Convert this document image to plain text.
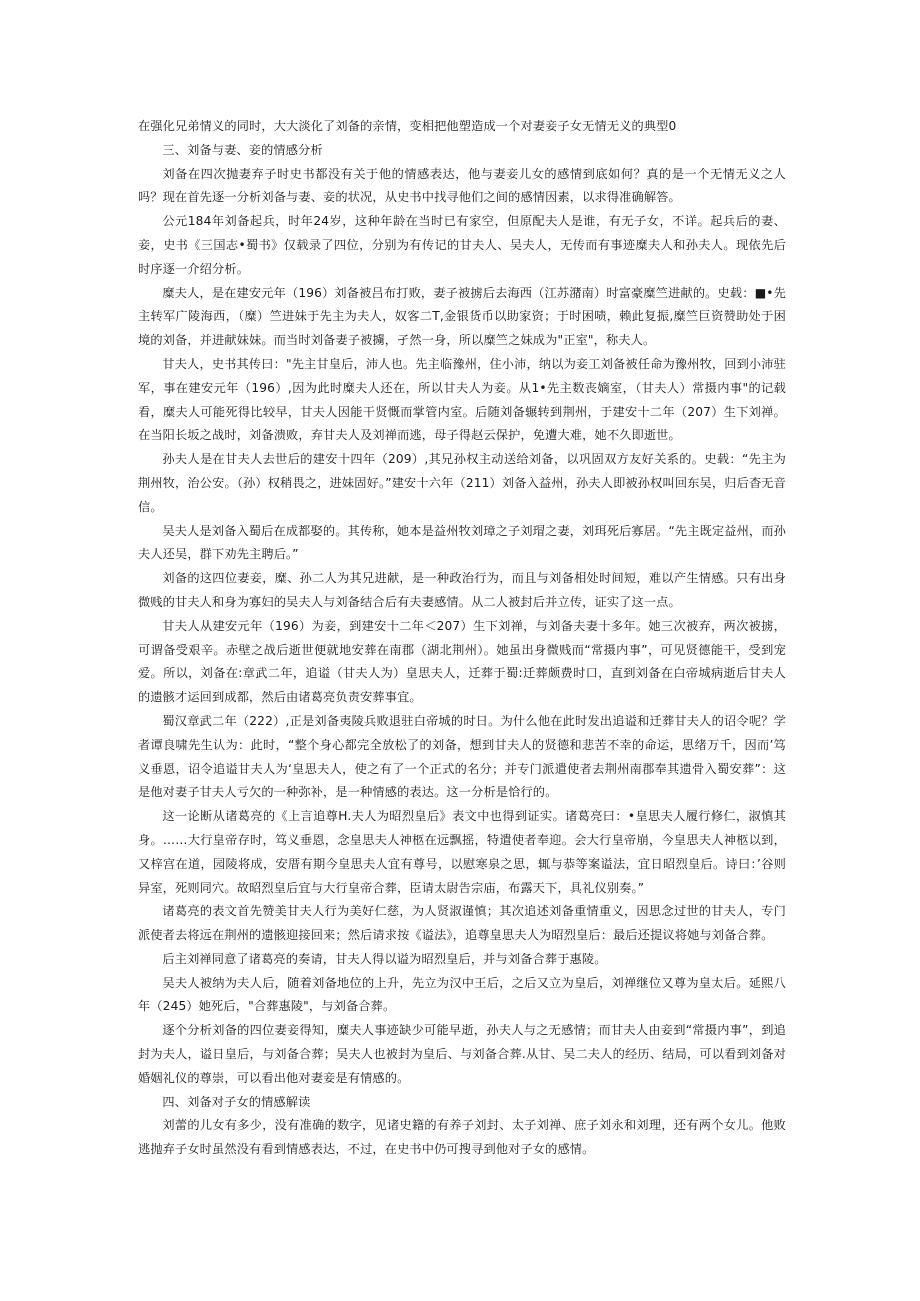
在强化兄弟情义的同时，大大淡化了刘备的亲情，变相把他塑造成一个对妻妾子女无情无义的典型0

三、刘备与妻、妾的情感分析

刘备在四次抛妻弃子时史书都没有关于他的情感表达，他与妻妾儿女的感情到底如何？真的是一个无情无义之人吗？现在首先逐一分析刘备与妻、妾的状况，从史书中找寻他们之间的感情因素，以求得准确解答。

公元184年刘备起兵，时年24岁，这种年龄在当时已有家空，但原配夫人是谁，有无子女，不详。起兵后的妻、妾，史书《三国志•蜀书》仅载录了四位，分别为有传记的甘夫人、吴夫人，无传而有事迹糜夫人和孙夫人。现依先后时序逐一介绍分析。

糜夫人，是在建安元年（196）刘备被吕布打败，妻子被掳后去海西（江苏潴南）时富豪糜竺进献的。史载：■•先主转军广陵海西，（糜）竺进妹于先主为夫人，奴客二T,金银货币以助家资；于时困啧，赖此复振,糜竺巨资赞助处于困境的刘备，并进献妹妹。而当时刘备妻子被擄，孑然一身，所以糜竺之妹成为"正室"，称夫人。

甘夫人，史书其传曰："先主甘皇后，沛人也。先主临豫州，住小沛，纳以为妾工刘备被任命为豫州牧，回到小沛驻军，事在建安元年（196）,因为此时糜夫人还在，所以甘夫人为妾。从1•先主数丧嫡室，（甘夫人）常摄内事"的记载看，糜夫人可能死得比较早，甘夫人因能干贤慨而掌管内室。后随刘备辗转到荆州，于建安十二年（207）生下刘禅。在当阳长坂之战时，刘备溃败，弃甘夫人及刘禅而逃，母子得赵云保护，免遭大难，她不久即逝世。

孙夫人是在甘夫人去世后的建安十四年（209）,其兄孙权主动送给刘备，以巩固双方友好关系的。史载：“先主为荆州牧，治公安。（孙）权稍畏之，进妹固好。”建安十六年（211）刘备入益州，孙夫人即被孙权叫回东吴，归后杳无音信。

吴夫人是刘备入蜀后在成都娶的。其传称，她本是益州牧刘璋之子刘瑁之妻，刘珥死后寡居。“先主既定益州，而孙夫人还吴，群下劝先主聘后。”

刘备的这四位妻妾，糜、孙二人为其兄进献，是一种政治行为，而且与刘备相处时间短，难以产生情感。只有出身微贱的甘夫人和身为寡妇的吴夫人与刘备结合后有夫妻感情。从二人被封后并立传，证实了这一点。

甘夫人从建安元年（196）为妾，到建安十二年＜207）生下刘禅，与刘备夫妻十多年。她三次被弃，两次被掳，可谓备受艰辛。赤壁之战后逝世便就地安葬在南郡（湖北荆州）。她虽出身微贱而“常摄内事”，可见贤德能干，受到宠爱。所以，刘备在:章武二年，追谥（甘夫人为）皇思夫人，迁葬于蜀:迁葬颇费时口，直到刘备在白帝城病逝后甘夫人的遗骸才运回到成都，然后由诸葛亮负责安葬事宜。

蜀汉章武二年（222）,正是刘备夷陵兵败退驻白帝城的时日。为什么他在此时发出追谥和迁葬甘夫人的诏令呢？学者谭良啸先生认为：此时，“整个身心都完全放松了的刘备，想到甘夫人的贤德和悲苦不幸的命运，思绪万千，因而’笃义垂恩，诏令追谥甘夫人为‘皇思夫人，使之有了一个正式的名分；并专门派遣使者去荆州南郡奉其遗骨入蜀安葬”：这是他对妻子甘夫人亏欠的一种弥补，是一种情感的表达。这一分析是恰行的。

这一论断从诸葛亮的《上言追尊H.夫人为昭烈皇后》表文中也得到证实。诸葛亮曰：•皇思夫人履行修仁，淑慎其身。……大行皇帝存时，笃义垂恩，念皇思夫人神柩在远飘摇，特遣使者奉迎。会大行皇帝崩，今皇思夫人神柩以到，又梓宫在道，园陵将成，安厝有期今皇思夫人宜有尊号，以慰寒泉之思，辄与恭等案谥法，宜日昭烈皇后。诗曰：’谷则异室，死则同穴。故昭烈皇后宜与大行皇帝合葬，臣请太尉告宗庙，布露天下，具礼仪别奏。”

诸葛亮的表文首先赞美甘夫人行为美好仁慈，为人贤淑谨慎；其次追述刘备重情重义，因思念过世的甘夫人，专门派使者去将远在荆州的遗骸迎接回来；然后请求按《谥法》，追尊皇思夫人为昭烈皇后：最后还提议将她与刘备合葬。

后主刘禅同意了诸葛亮的奏请，甘夫人得以谥为昭烈皇后，并与刘备合葬于惠陵。

吴夫人被纳为夫人后，随着刘备地位的上升，先立为汉中王后，之后又立为皇后，刘禅继位又尊为皇太后。延熙八年（245）她死后，"合葬惠陵"，与刘备合葬。

逐个分析刘备的四位妻妾得知，糜夫人事迹缺少可能早逝，孙夫人与之无感情；而甘夫人由妾到“常摄内事”，到追封为夫人，谥日皇后，与刘备合葬；吴夫人也被封为皇后、与刘备合葬.从甘、吴二夫人的经历、结局，可以看到刘备对婚姻礼仪的尊崇，可以看出他对妻妾是有情感的。

四、刘备对子女的情感解读

刘蕾的儿女有多少，没有准确的数字，见诸史籍的有养子刘封、太子刘禅、庶子刘永和刘理，还有两个女儿。他败逃抛弃子女时虽然没有看到情感表达，不过，在史书中仍可搜寻到他对子女的感情。
